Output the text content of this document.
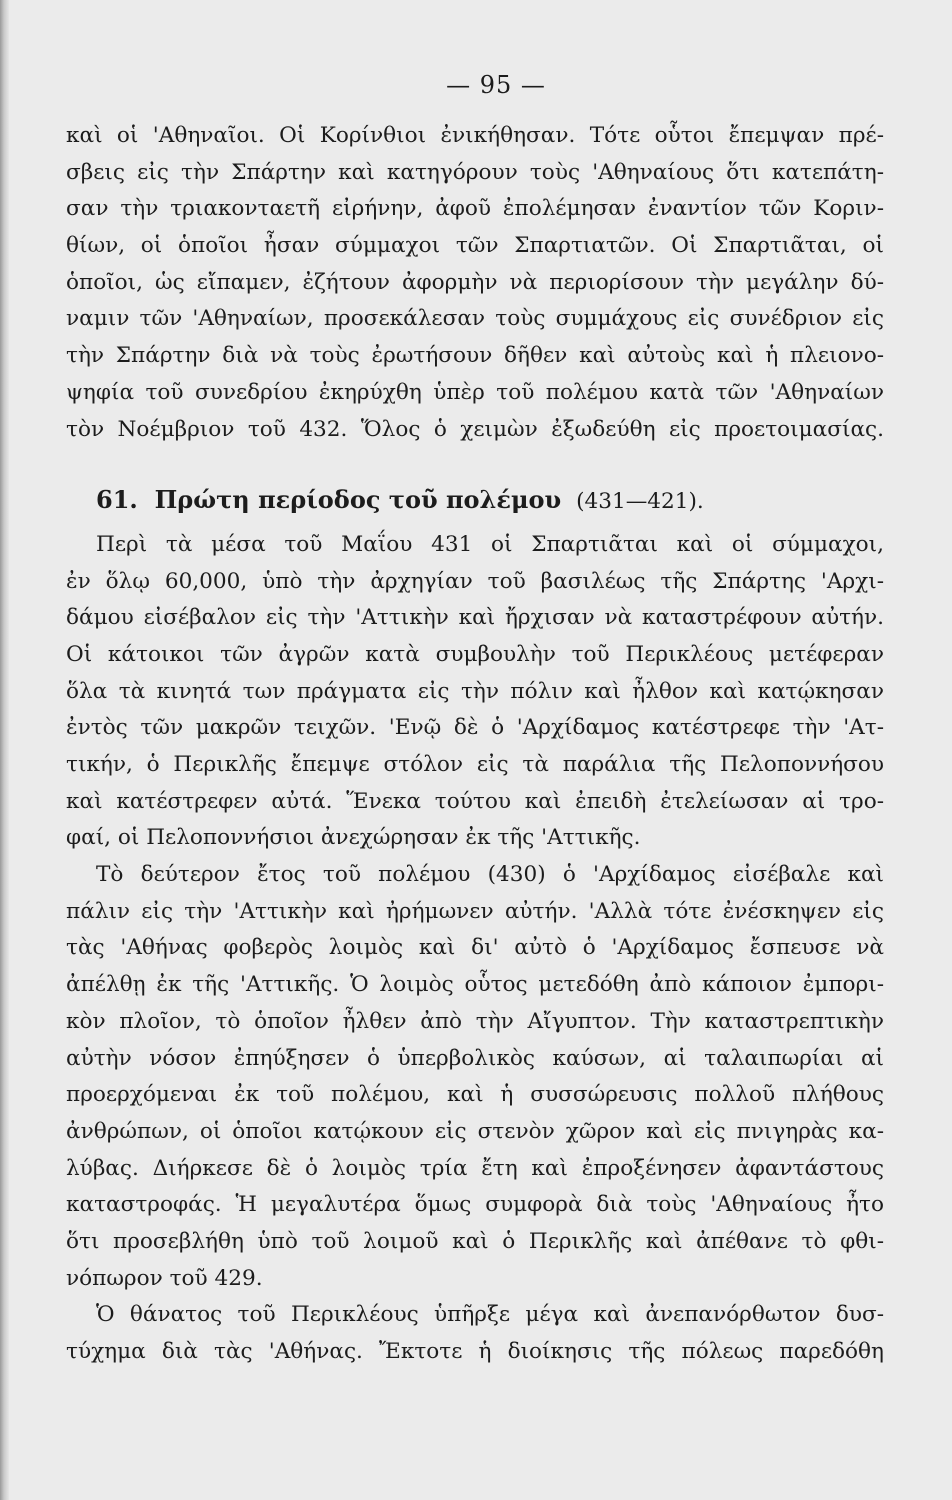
— 95 —
καὶ οἱ 'Αθηναῖοι. Οἱ Κορίνθιοι ἐνικήθησαν. Τότε οὗτοι ἔπεμψαν πρέ-
σβεις εἰς τὴν Σπάρτην καὶ κατηγόρουν τοὺς 'Αθηναίους ὅτι κατεπάτη-
σαν τὴν τριακονταετῆ εἰρήνην, ἀφοῦ ἐπολέμησαν ἐναντίον τῶν Κοριν-
θίων, οἱ ὁποῖοι ἦσαν σύμμαχοι τῶν Σπαρτιατῶν. Οἱ Σπαρτιᾶται, οἱ
ὁποῖοι, ὡς εἴπαμεν, ἐζήτουν ἀφορμὴν νὰ περιορίσουν τὴν μεγάλην δύ-
ναμιν τῶν 'Αθηναίων, προσεκάλεσαν τοὺς συμμάχους εἰς συνέδριον εἰς
τὴν Σπάρτην διὰ νὰ τοὺς ἐρωτήσουν δῆθεν καὶ αὐτοὺς καὶ ἡ πλειονο-
ψηφία τοῦ συνεδρίου ἐκηρύχθη ὑπὲρ τοῦ πολέμου κατὰ τῶν 'Αθηναίων
τὸν Νοέμβριον τοῦ 432. Ὅλος ὁ χειμὼν ἐξωδεύθη εἰς προετοιμασίας.
61. Πρώτη περίοδος τοῦ πολέμου (431—421).
Περὶ τὰ μέσα τοῦ Μαΐου 431 οἱ Σπαρτιᾶται καὶ οἱ σύμμαχοι,
ἐν ὅλῳ 60,000, ὑπὸ τὴν ἀρχηγίαν τοῦ βασιλέως τῆς Σπάρτης 'Αρχι-
δάμου εἰσέβαλον εἰς τὴν 'Αττικὴν καὶ ἤρχισαν νὰ καταστρέφουν αὐτήν.
Οἱ κάτοικοι τῶν ἀγρῶν κατὰ συμβουλὴν τοῦ Περικλέους μετέφεραν
ὅλα τὰ κινητά των πράγματα εἰς τὴν πόλιν καὶ ἦλθον καὶ κατῴκησαν
ἐντὸς τῶν μακρῶν τειχῶν. 'Ενῷ δὲ ὁ 'Αρχίδαμος κατέστρεφε τὴν 'Ατ-
τικήν, ὁ Περικλῆς ἔπεμψε στόλον εἰς τὰ παράλια τῆς Πελοποννήσου
καὶ κατέστρεφεν αὐτά. Ἕνεκα τούτου καὶ ἐπειδὴ ἐτελείωσαν αἱ τρο-
φαί, οἱ Πελοποννήσιοι ἀνεχώρησαν ἐκ τῆς 'Αττικῆς.
Τὸ δεύτερον ἔτος τοῦ πολέμου (430) ὁ 'Αρχίδαμος εἰσέβαλε καὶ
πάλιν εἰς τὴν 'Αττικὴν καὶ ἠρήμωνεν αὐτήν. 'Αλλὰ τότε ἐνέσκηψεν εἰς
τὰς 'Αθήνας φοβερὸς λοιμὸς καὶ δι' αὐτὸ ὁ 'Αρχίδαμος ἔσπευσε νὰ
ἀπέλθῃ ἐκ τῆς 'Αττικῆς. Ὁ λοιμὸς οὗτος μετεδόθη ἀπὸ κάποιον ἐμπορι-
κὸν πλοῖον, τὸ ὁποῖον ἦλθεν ἀπὸ τὴν Αἴγυπτον. Τὴν καταστρεπτικὴν
αὐτὴν νόσον ἐπηύξησεν ὁ ὑπερβολικὸς καύσων, αἱ ταλαιπωρίαι αἱ
προερχόμεναι ἐκ τοῦ πολέμου, καὶ ἡ συσσώρευσις πολλοῦ πλήθους
ἀνθρώπων, οἱ ὁποῖοι κατῴκουν εἰς στενὸν χῶρον καὶ εἰς πνιγηρὰς κα-
λύβας. Διήρκεσε δὲ ὁ λοιμὸς τρία ἔτη καὶ ἐπροξένησεν ἀφαντάστους
καταστροφάς. Ἡ μεγαλυτέρα ὅμως συμφορὰ διὰ τοὺς 'Αθηναίους ἦτο
ὅτι προσεβλήθη ὑπὸ τοῦ λοιμοῦ καὶ ὁ Περικλῆς καὶ ἀπέθανε τὸ φθι-
νόπωρον τοῦ 429.
Ὁ θάνατος τοῦ Περικλέους ὑπῆρξε μέγα καὶ ἀνεπανόρθωτον δυσ-
τύχημα διὰ τὰς 'Αθήνας. Ἔκτοτε ἡ διοίκησις τῆς πόλεως παρεδόθη
